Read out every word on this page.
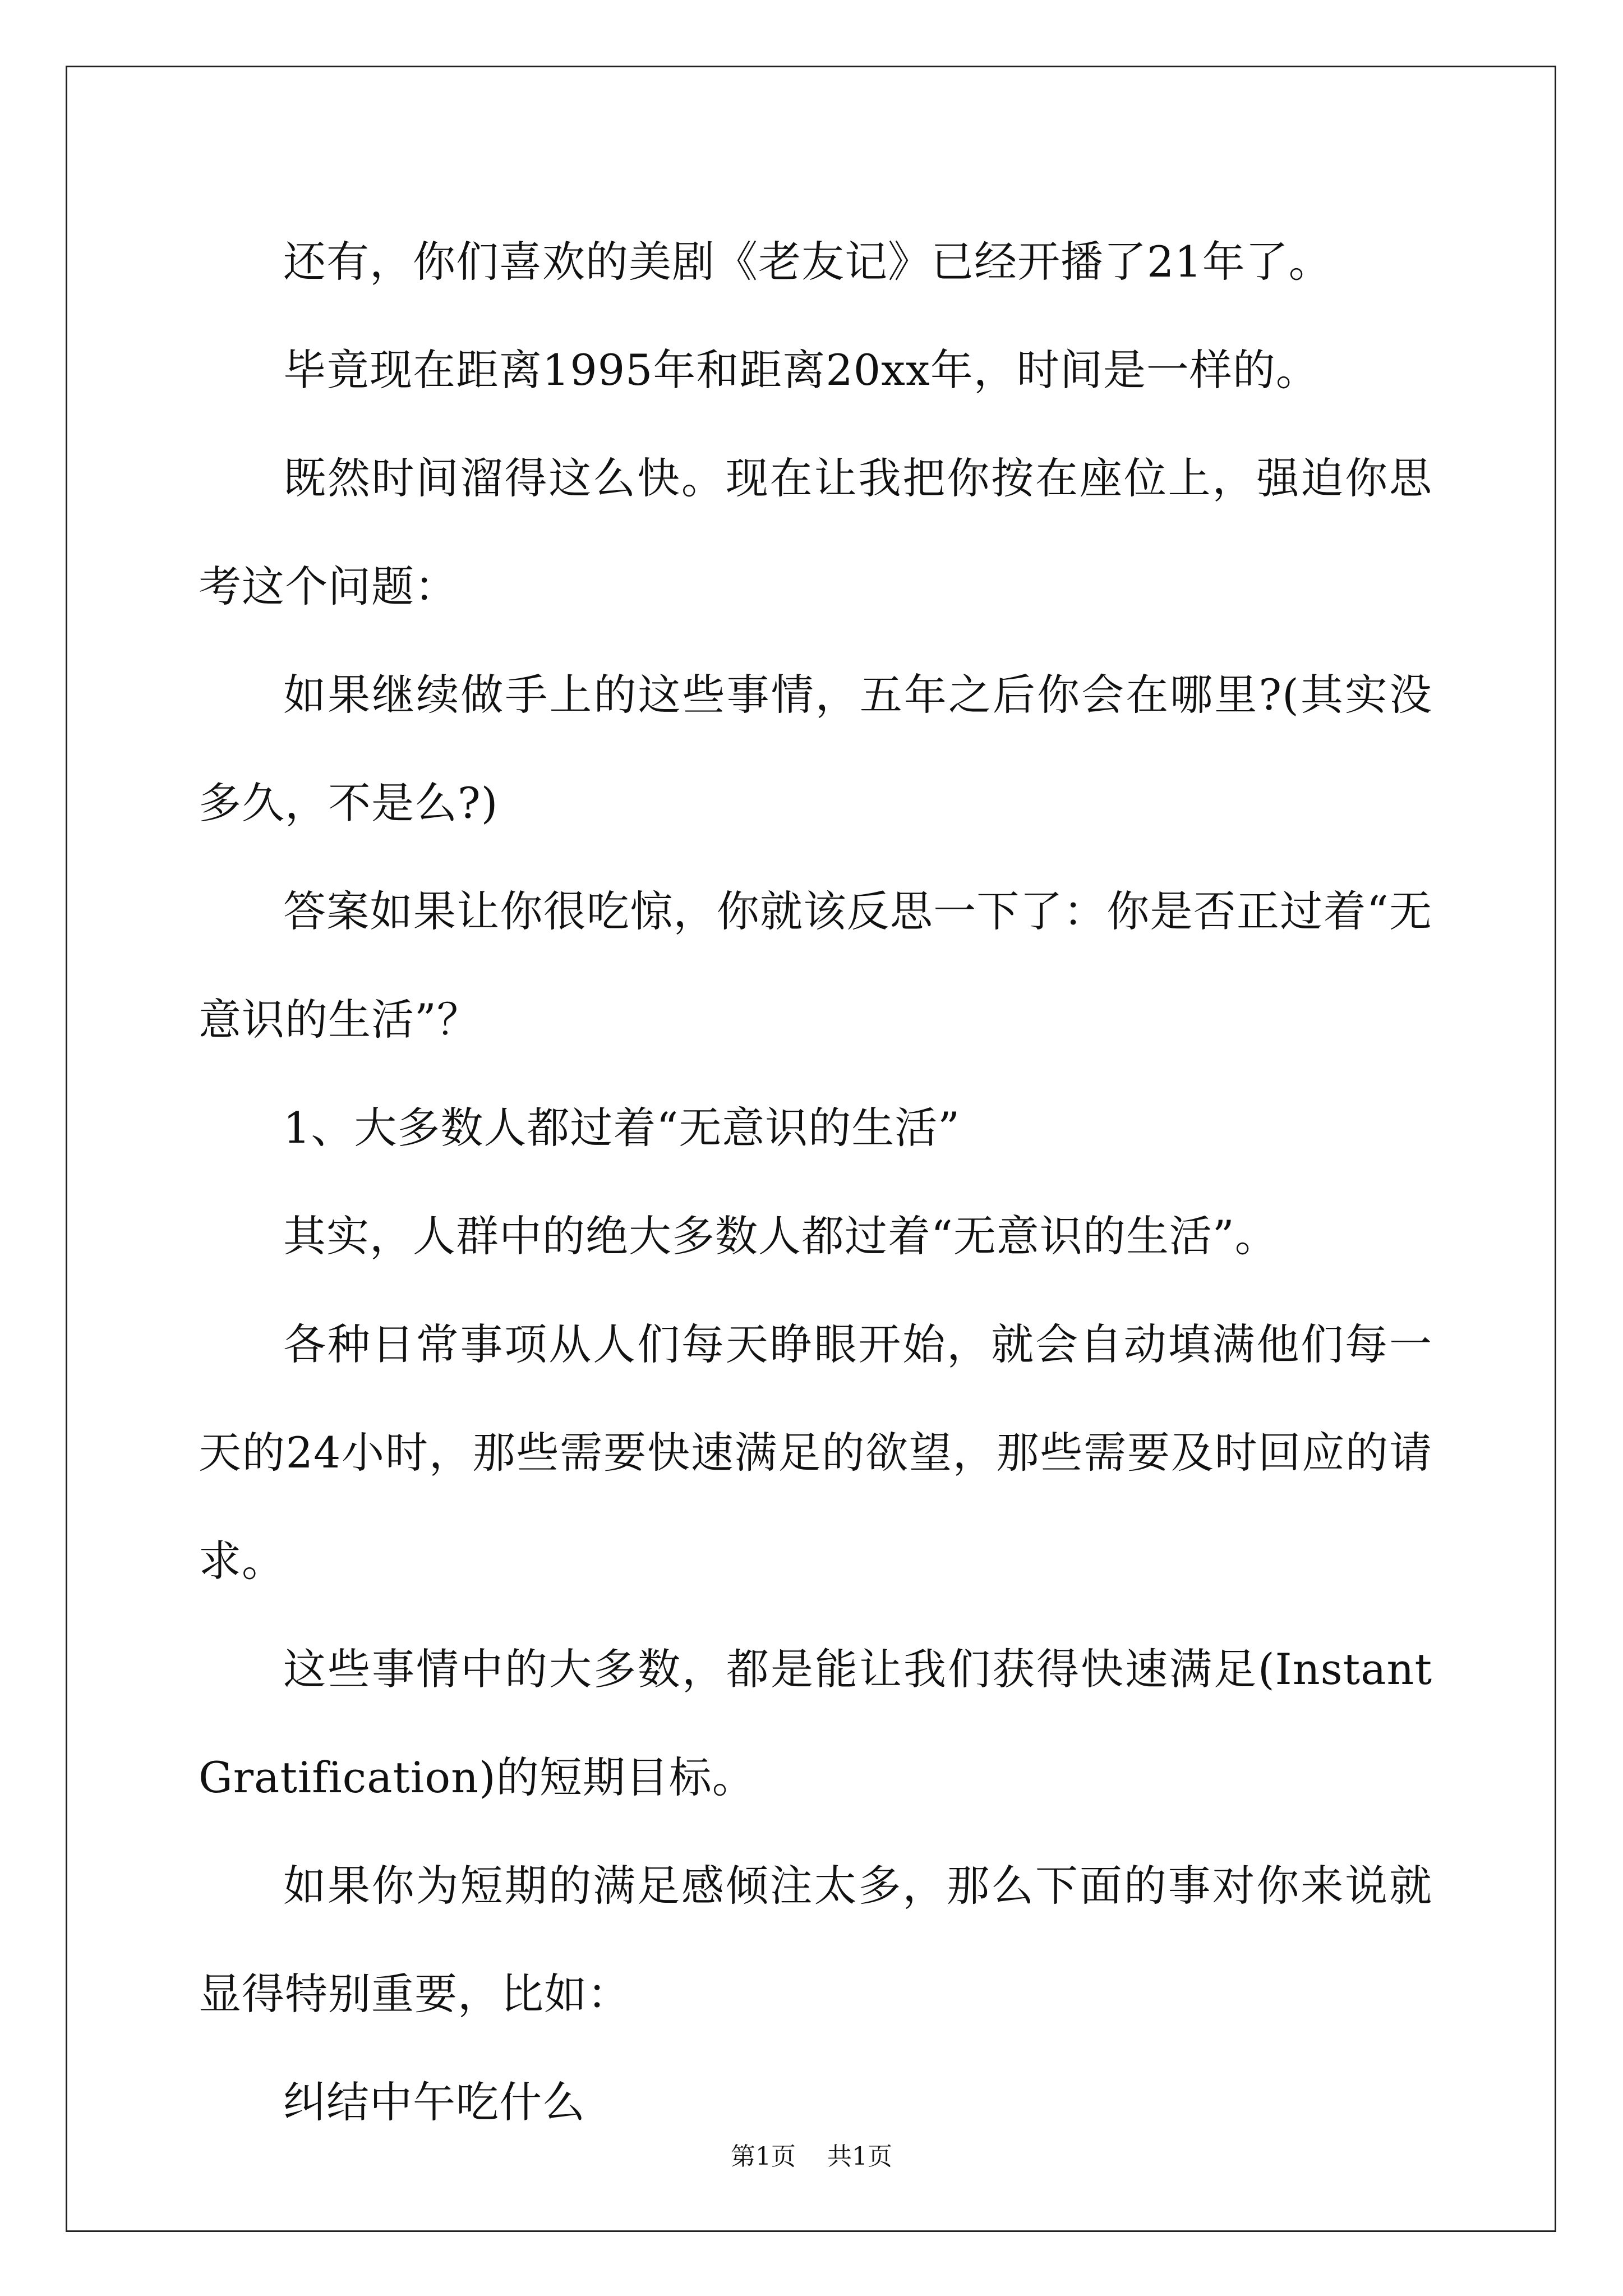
还有，你们喜欢的美剧《老友记》已经开播了21年了。

毕竟现在距离1995年和距离20xx年，时间是一样的。

既然时间溜得这么快。现在让我把你按在座位上，强迫你思考这个问题：

如果继续做手上的这些事情，五年之后你会在哪里?(其实没多久，不是么?)

答案如果让你很吃惊，你就该反思一下了：你是否正过着“无意识的生活”？

1、大多数人都过着“无意识的生活”

其实，人群中的绝大多数人都过着“无意识的生活”。

各种日常事项从人们每天睁眼开始，就会自动填满他们每一天的24小时，那些需要快速满足的欲望，那些需要及时回应的请求。

这些事情中的大多数，都是能让我们获得快速满足(Instant Gratification)的短期目标。

如果你为短期的满足感倾注太多，那么下面的事对你来说就显得特别重要，比如：

纠结中午吃什么

第1页    共1页
